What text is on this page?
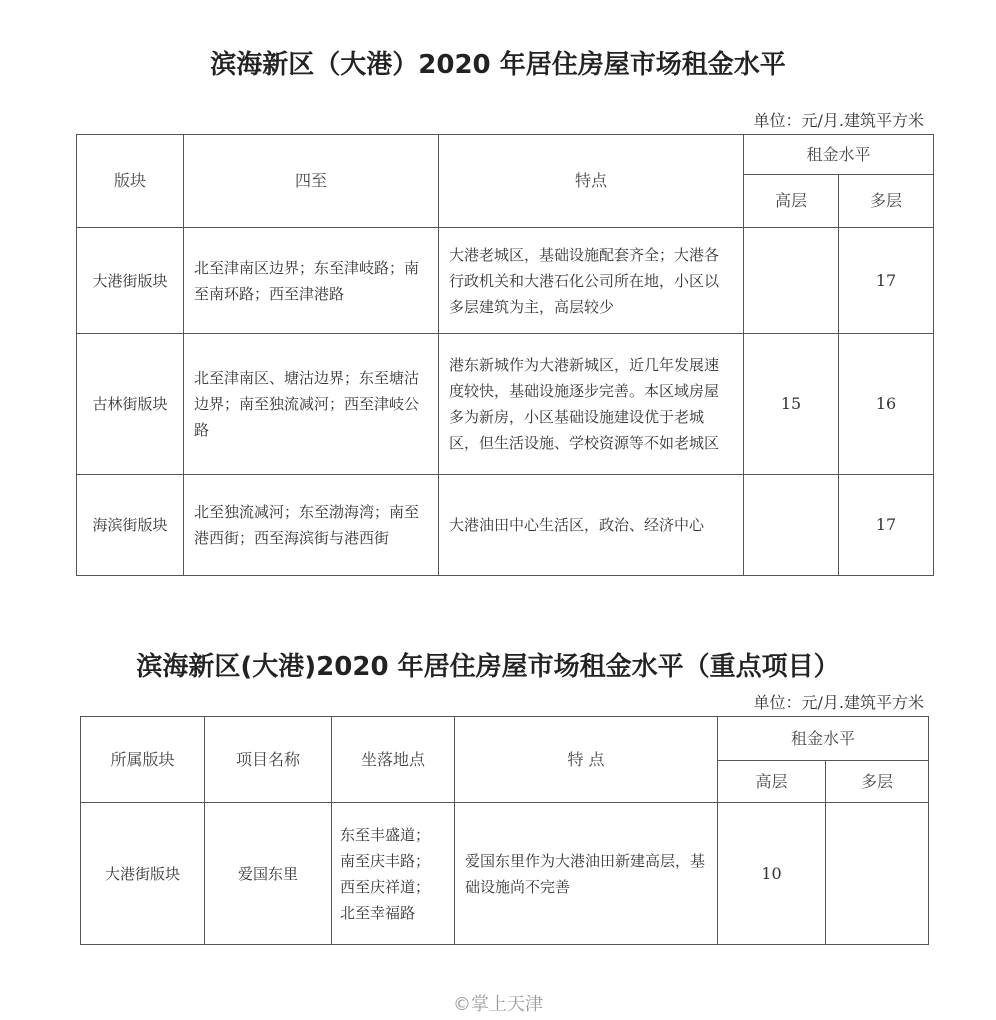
滨海新区（大港）2020 年居住房屋市场租金水平
单位：元/月.建筑平方米
版块	四至	特点	租金水平	
			高层	多层
大港街版块	北至津南区边界；东至津岐路；南至南环路；西至津港路	大港老城区，基础设施配套齐全；大港各行政机关和大港石化公司所在地，小区以多层建筑为主，高层较少		17
古林街版块	北至津南区、塘沽边界；东至塘沽边界；南至独流减河；西至津岐公路	港东新城作为大港新城区，近几年发展速度较快，基础设施逐步完善。本区域房屋多为新房，小区基础设施建设优于老城区，但生活设施、学校资源等不如老城区	15	16
海滨街版块	北至独流减河；东至渤海湾；南至港西街；西至海滨街与港西街	大港油田中心生活区，政治、经济中心		17
滨海新区(大港)2020 年居住房屋市场租金水平（重点项目）
单位：元/月.建筑平方米
所属版块	项目名称	坐落地点	特 点	租金水平	
				高层	多层
大港街版块	爱国东里	东至丰盛道；
南至庆丰路；
西至庆祥道；
北至幸福路	爱国东里作为大港油田新建高层，基础设施尚不完善	10	
©掌上天津
